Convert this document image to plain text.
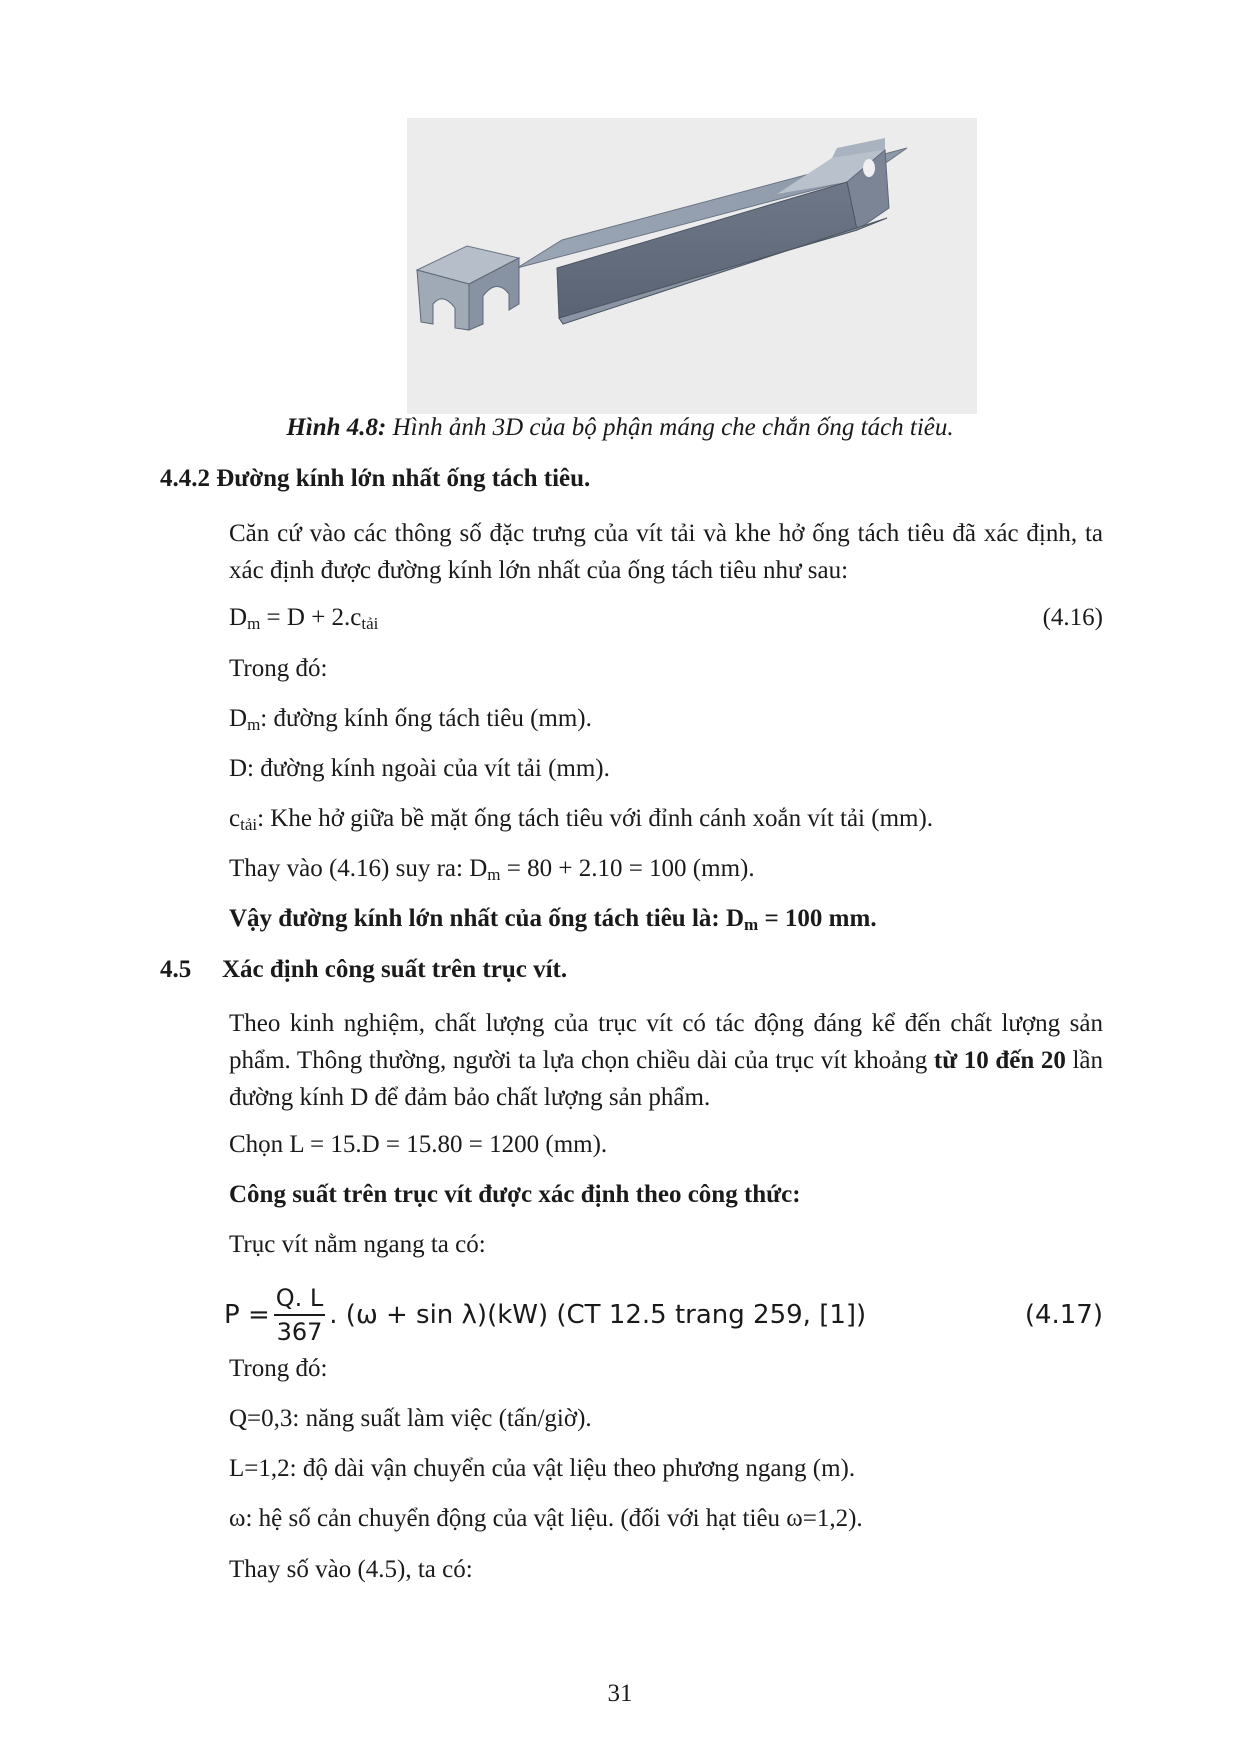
Hình 4.8: Hình ảnh 3D của bộ phận máng che chắn ống tách tiêu.
4.4.2 Đường kính lớn nhất ống tách tiêu.
Căn cứ vào các thông số đặc trưng của vít tải và khe hở ống tách tiêu đã xác định, ta xác định được đường kính lớn nhất của ống tách tiêu như sau:
$D_m = D + 2.c_{tải}$	(4.16)
Trong đó:
$D_m$: đường kính ống tách tiêu (mm).
D: đường kính ngoài của vít tải (mm).
$c_{tải}$: Khe hở giữa bề mặt ống tách tiêu với đỉnh cánh xoắn vít tải (mm).
Thay vào (4.16) suy ra: $D_m = 80 + 2.10 = 100$ (mm).
Vậy đường kính lớn nhất của ống tách tiêu là: $D_m = 100$ mm.
4.5 Xác định công suất trên trục vít.
Theo kinh nghiệm, chất lượng của trục vít có tác động đáng kể đến chất lượng sản phẩm. Thông thường, người ta lựa chọn chiều dài của trục vít khoảng từ 10 đến 20 lần đường kính D để đảm bảo chất lượng sản phẩm.
Chọn L = 15.D = 15.80 = 1200 (mm).
Công suất trên trục vít được xác định theo công thức:
Trục vít nằm ngang ta có:
$P = \frac{Q. L}{367}$ . (ω + sin λ)(kW) (CT 12.5 trang 259, [1])	(4.17)
Trong đó:
Q=0,3: năng suất làm việc (tấn/giờ).
L=1,2: độ dài vận chuyển của vật liệu theo phương ngang (m).
ω: hệ số cản chuyển động của vật liệu. (đối với hạt tiêu ω=1,2).
Thay số vào (4.5), ta có:
31
